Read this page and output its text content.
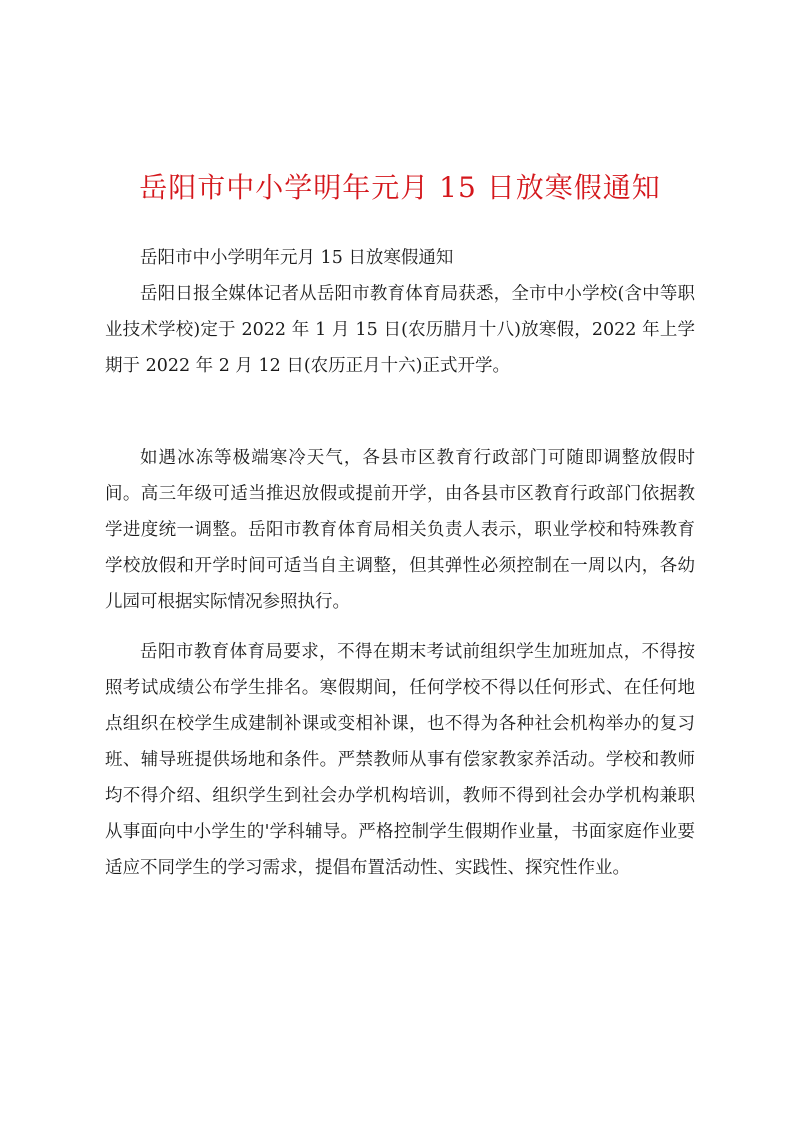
岳阳市中小学明年元月 15 日放寒假通知

岳阳市中小学明年元月 15 日放寒假通知

岳阳日报全媒体记者从岳阳市教育体育局获悉，全市中小学校(含中等职业技术学校)定于 2022 年 1 月 15 日(农历腊月十八)放寒假，2022 年上学期于 2022 年 2 月 12 日(农历正月十六)正式开学。

如遇冰冻等极端寒冷天气，各县市区教育行政部门可随即调整放假时间。高三年级可适当推迟放假或提前开学，由各县市区教育行政部门依据教学进度统一调整。岳阳市教育体育局相关负责人表示，职业学校和特殊教育学校放假和开学时间可适当自主调整，但其弹性必须控制在一周以内，各幼儿园可根据实际情况参照执行。

岳阳市教育体育局要求，不得在期末考试前组织学生加班加点，不得按照考试成绩公布学生排名。寒假期间，任何学校不得以任何形式、在任何地点组织在校学生成建制补课或变相补课，也不得为各种社会机构举办的复习班、辅导班提供场地和条件。严禁教师从事有偿家教家养活动。学校和教师均不得介绍、组织学生到社会办学机构培训，教师不得到社会办学机构兼职从事面向中小学生的'学科辅导。严格控制学生假期作业量，书面家庭作业要适应不同学生的学习需求，提倡布置活动性、实践性、探究性作业。
